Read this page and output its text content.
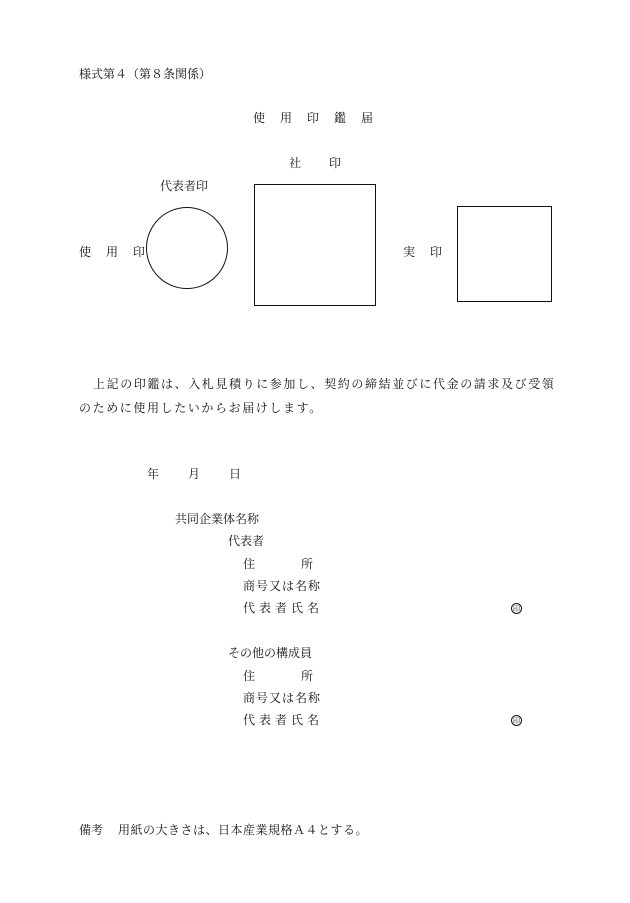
様式第４（第８条関係）
使用印鑑届
社印
代表者印
使用印	実印
上記の印鑑は、入札見積りに参加し、契約の締結並びに代金の請求及び受領
のために使用したいからお届けします。
年 月 日
共同企業体名称
代表者
住所
商号又は名称
代表者氏名	印
その他の構成員
住所
商号又は名称
代表者氏名	印
備考 用紙の大きさは、日本産業規格Ａ４とする。
